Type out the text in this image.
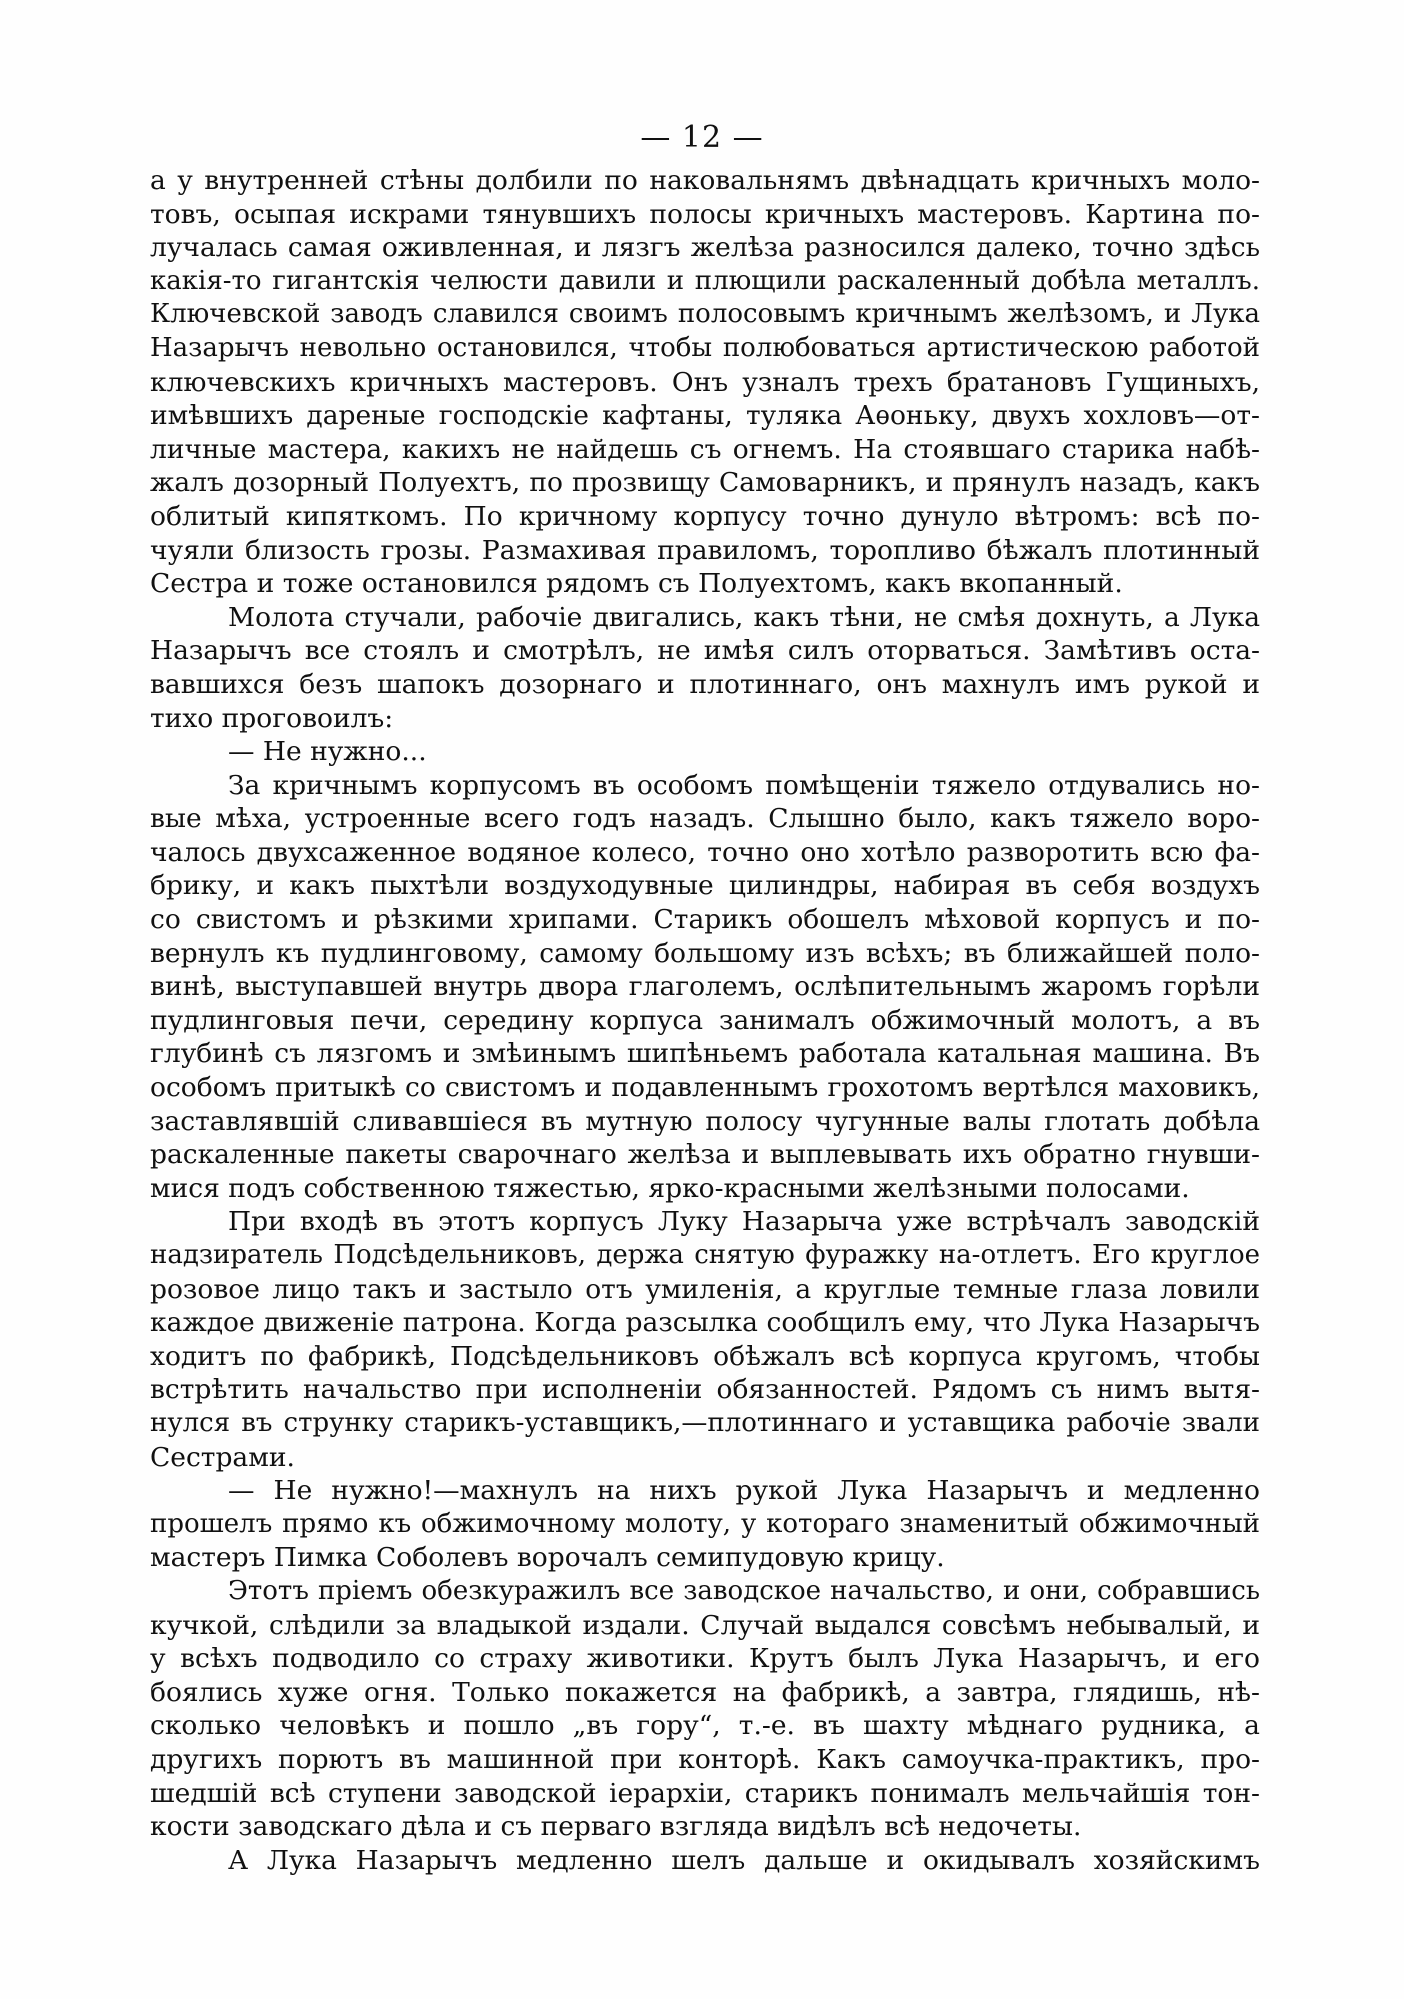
— 12 —
а у внутренней стѣны долбили по наковальнямъ двѣнадцать кричныхъ моло-
товъ, осыпая искрами тянувшихъ полосы кричныхъ мастеровъ. Картина по-
лучалась самая оживленная, и лязгъ желѣза разносился далеко, точно здѣсь
какія-то гигантскія челюсти давили и плющили раскаленный добѣла металлъ.
Ключевской заводъ славился своимъ полосовымъ кричнымъ желѣзомъ, и Лука
Назарычъ невольно остановился, чтобы полюбоваться артистическою работой
ключевскихъ кричныхъ мастеровъ. Онъ узналъ трехъ братановъ Гущиныхъ,
имѣвшихъ дареные господскіе кафтаны, туляка Аѳоньку, двухъ хохловъ—от-
личные мастера, какихъ не найдешь съ огнемъ. На стоявшаго старика набѣ-
жалъ дозорный Полуехтъ, по прозвищу Самоварникъ, и прянулъ назадъ, какъ
облитый кипяткомъ. По кричному корпусу точно дунуло вѣтромъ: всѣ по-
чуяли близость грозы. Размахивая правиломъ, торопливо бѣжалъ плотинный
Сестра и тоже остановился рядомъ съ Полуехтомъ, какъ вкопанный.
Молота стучали, рабочіе двигались, какъ тѣни, не смѣя дохнуть, а Лука
Назарычъ все стоялъ и смотрѣлъ, не имѣя силъ оторваться. Замѣтивъ оста-
вавшихся безъ шапокъ дозорнаго и плотиннаго, онъ махнулъ имъ рукой и
тихо проговоилъ:
— Не нужно...
За кричнымъ корпусомъ въ особомъ помѣщеніи тяжело отдувались но-
вые мѣха, устроенные всего годъ назадъ. Слышно было, какъ тяжело воро-
чалось двухсаженное водяное колесо, точно оно хотѣло разворотить всю фа-
брику, и какъ пыхтѣли воздуходувные цилиндры, набирая въ себя воздухъ
со свистомъ и рѣзкими хрипами. Старикъ обошелъ мѣховой корпусъ и по-
вернулъ къ пудлинговому, самому большому изъ всѣхъ; въ ближайшей поло-
винѣ, выступавшей внутрь двора глаголемъ, ослѣпительнымъ жаромъ горѣли
пудлинговыя печи, середину корпуса занималъ обжимочный молотъ, а въ
глубинѣ съ лязгомъ и змѣинымъ шипѣньемъ работала катальная машина. Въ
особомъ притыкѣ со свистомъ и подавленнымъ грохотомъ вертѣлся маховикъ,
заставлявшій сливавшіеся въ мутную полосу чугунные валы глотать добѣла
раскаленные пакеты сварочнаго желѣза и выплевывать ихъ обратно гнувши-
мися подъ собственною тяжестью, ярко-красными желѣзными полосами.
При входѣ въ этотъ корпусъ Луку Назарыча уже встрѣчалъ заводскій
надзиратель Подсѣдельниковъ, держа снятую фуражку на-отлетъ. Его круглое
розовое лицо такъ и застыло отъ умиленія, а круглые темные глаза ловили
каждое движеніе патрона. Когда разсылка сообщилъ ему, что Лука Назарычъ
ходитъ по фабрикѣ, Подсѣдельниковъ обѣжалъ всѣ корпуса кругомъ, чтобы
встрѣтить начальство при исполненіи обязанностей. Рядомъ съ нимъ вытя-
нулся въ струнку старикъ-уставщикъ,—плотиннаго и уставщика рабочіе звали
Сестрами.
— Не нужно!—махнулъ на нихъ рукой Лука Назарычъ и медленно
прошелъ прямо къ обжимочному молоту, у котораго знаменитый обжимочный
мастеръ Пимка Соболевъ ворочалъ семипудовую крицу.
Этотъ пріемъ обезкуражилъ все заводское начальство, и они, собравшись
кучкой, слѣдили за владыкой издали. Случай выдался совсѣмъ небывалый, и
у всѣхъ подводило со страху животики. Крутъ былъ Лука Назарычъ, и его
боялись хуже огня. Только покажется на фабрикѣ, а завтра, глядишь, нѣ-
сколько человѣкъ и пошло „въ гору“, т.-е. въ шахту мѣднаго рудника, а
другихъ порютъ въ машинной при конторѣ. Какъ самоучка-практикъ, про-
шедшій всѣ ступени заводской іерархіи, старикъ понималъ мельчайшія тон-
кости заводскаго дѣла и съ перваго взгляда видѣлъ всѣ недочеты.
А Лука Назарычъ медленно шелъ дальше и окидывалъ хозяйскимъ
